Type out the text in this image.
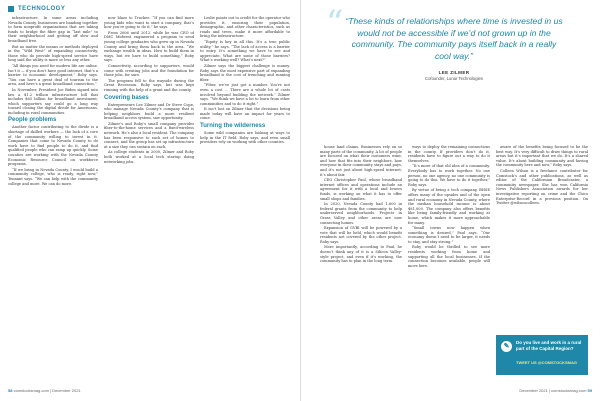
TECHNOLOGY

infrastructure. In some areas including Nevada County, businesses are banding together to form nonprofit organizations that are taking funds to bridge the fiber gap in “last mile” to their neighborhood and getting off slow and broadband free.

But no matter the means or methods deployed in the “Wild West” of expanding connectivity, those who do provide high-speed service have long said the utility is more or less any other.

“All things you need for modern life are online. Isn’t it — if you don’t have good internet, that’s a barrier to economic development,” Roby says. “You can have a great deal of tourism to the area, and here’s a great broadband connection.”

In November, President Joe Biden signed into law a $1.2 trillion infrastructure bill that includes $65 billion for broadband investment, which supporters say could go a long way toward closing the digital divide for Americans, including in rural communities.

People problems

Another factor contributing to the divide is a shortage of skilled workers — the lack of a core of the community willing to invest in it. Companies that come to Nevada County to do work have to find people to do it, and find qualified people who can ramp up quickly. Some counties are working with the Nevada County Economic Resource Council on workforce programs.

“If we bring in Nevada County, I would build a community college, who is ready, right now,” Tennant says. “We can help with the community college and more. We can do more.

now blaze to Truckee. “If you can find more young kids who want to start a company, that’s how you’re going to do it,” he says.

From 2006 until 2012, while he was CEO of DMC Midwest engineered a program to send young college graduates who grew up in Nevada County and bring them back to the area. “We exchange wealth in ideas. How to build them in ways, but we have to build something,” Roby says.

Connectivity, according to supporters, would come with creating jobs and the foundation for those jobs, for sure.

The program fell to the wayside during the Great Recession. Roby says, but was kept running with the help of a grant and the county.

Covering bases

Entrepreneurs Lee Zilmer and Dr Steve Cope, who manage Nevada County’s company that is helping neighbors build a more resilient broadband access system, saw opportunity.

Zilmer’s and Roby’s small company provides fiber-to-the-home services and a fixed-wireless network. He’s also a local resident. The company has been responsive to each set of homes to connect, and the group has set up infrastructure at a size they can sustain on each.

As college students in 2000, Zilmer and Roby both worked at a local tech startup doing networking jobs.

Leslie points out to credit for the operator who provides it, ensuring their population, demographic, and other characteristics, such as roads and trees, make it more affordable to bring the infrastructure.

“Equity is key in all this. It’s a true public utility,” he says. “The lack of access is a barrier to entry. It’s something we have to see and appreciate. What are some of those barriers? What’s working well? What’s next?”

Zilmer says the biggest challenge is money. Roby says the most expensive part of expanding broadband is the cost of trenching and running fiber.

“Fiber, we’ve just got a number. You’re not even a cost … There are a whole lot of costs involved beyond building the network.” Zilmer says. “We think we have a lot to learn from other communities and to do it right.”

It isn’t lost on Zilmer that the decisions being made today will have an impact for years to come.

Turning the wilderness

Some wild companies are looking at ways to help in the IT field. Roby says, and even small providers rely on working with other counties.

“ “These kinds of relationships where time is invested in us would not be accessible if we’d not grown up in the community. The community pays itself back in a really cool way.”
LEE ZILMER
Cofounder, Lunar Technologies

house land claims. Businesses rely on so many parts of the community. A lot of people are focused on what their customers want, and how that fits into their neighbors, how everyone in their community stays and pays, and it’s not just about high-speed internet; it’s about fair.

CEO Christopher Paul, whose broadband internet offices and operations include an agreement for it with a local and lowers funds, is working on what it has to offer small shops and families.

In 2020, Nevada County had 1,600 in federal grants from the community to help underserved neighborhoods. Projects in Grass Valley and other areas are now connecting homes.

Expansion of GVBI will be powered by a vote that will be held, which would benefit residents not covered by the other project, Roby says.

More importantly, according to Paul, he doesn’t think any of it is a Silicon Valley-style project, and even if it’s working, the community has to plan in the long term.

ways to deploy the remaining connections in the county. If providers don’t do it, residents have to figure out a way to do it themselves.

“It’s more of that old idea of a community. Everybody has to work together. No one person, no one agency, no one community is going to do this. We have to do it together,” Roby says.

By virtue of being a tech company, BHSE offers many of the upsides and of the open and rural economy in Nevada County, where the median household income is about $81,000. The company also offers benefits like being family-friendly and working at home, which makes it more approachable for many.

“Small towns now happen when something is desired,” Paul says. “Our economy doesn’t need to be larger, it needs to stay, and stay strong.”

Roby would be thrilled to see more residents working from home and supporting all the local businesses. If the connection becomes available, people will move here.

aware of the benefits being focused to be the best way. It’s very difficult to draw things to rural areas but it’s important that we do. It’s a shared value. It’s about building community and having the community here and now,” Roby says.

Colleen Wilson is a freelance contributor for Comstock’s and other publications, as well as editor of the Californian Broadcaster, a community newspaper. She has won California News Publishers Association awards for her investigative reporting on crime and the Chico Enterprise-Record in a previous position. On Twitter @wilsoncolleen.

✎
Do you live and work in a rural part of the Capital Region?
TWEET US @COMSTOCKSMAG
58 comstocksmag.com | December 2021	December 2021 | comstocksmag.com 59
